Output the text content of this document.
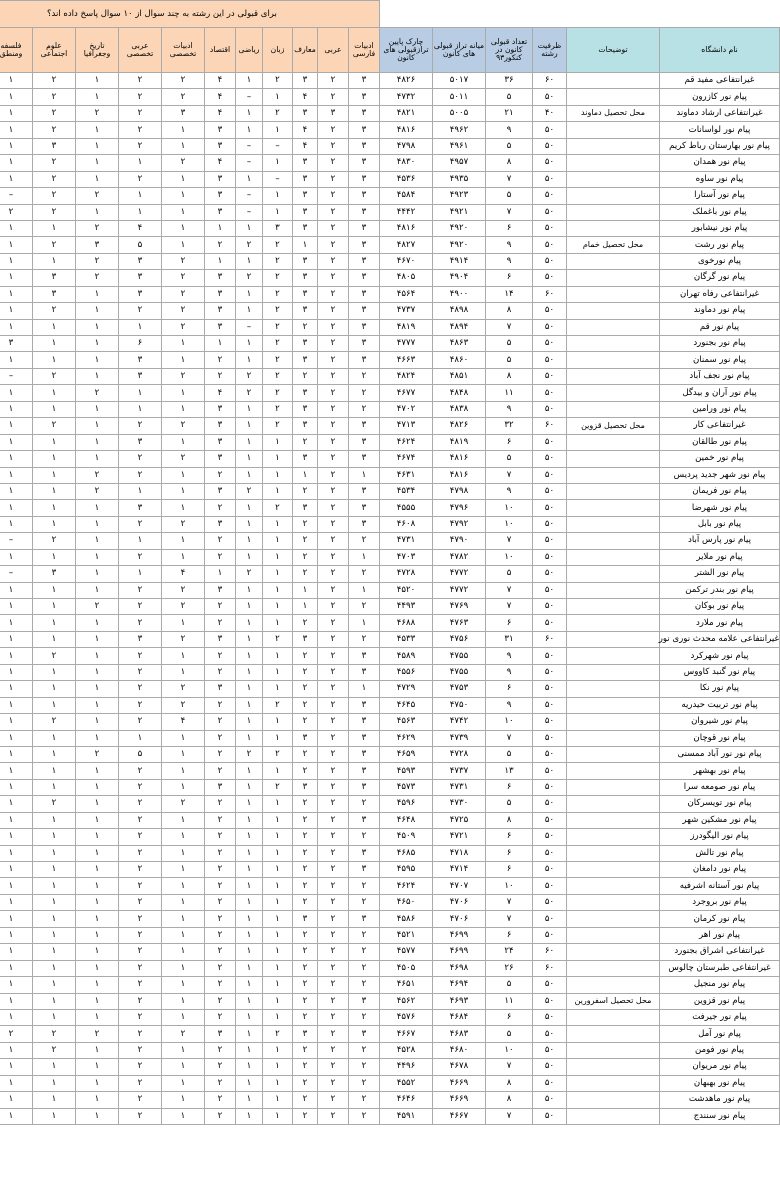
						برای قبولی در این رشته به چند سوال از ۱۰ سوال پاسخ داده اند؟											
نام دانشگاه	توضیحات	ظرفیت رشته	تعداد قبولی کانون در کنکور۹۳	میانه تراز قبولی های کانون	چارک پایین ترازقبولی های کانون	ادبیات فارسی	عربی	معارف	زبان	ریاضی	اقتصاد	ادبیات تخصصی	عربی تخصصی	تاریخ وجغرافیا	علوم اجتماعی	فلسفه ومنطق	
غیرانتفاعی مفید قم		۶۰	۳۶	۵۰۱۷	۴۸۲۶	۳	۲	۳	۲	۱	۴	۲	۲	۱	۲	۱	
پیام نور کازرون		۵۰	۵	۵۰۱۱	۴۷۳۲	۳	۲	۴	۱	–	۴	۲	۲	۱	۲	۱	
غیرانتفاعی ارشاد دماوند	محل تحصیل دماوند	۴۰	۲۱	۵۰۰۵	۴۸۲۱	۳	۳	۳	۲	۱	۴	۳	۲	۲	۲	۱	
پیام نور لواسانات		۵۰	۹	۴۹۶۲	۴۸۱۶	۳	۲	۴	۱	۱	۳	۱	۲	۱	۲	۱	
پیام نور بهارستان رباط کریم		۵۰	۵	۴۹۶۱	۴۷۹۸	۳	۲	۴	–	–	۳	۱	۲	۱	۳	۱	
پیام نور همدان		۵۰	۸	۴۹۵۷	۴۸۳۰	۳	۲	۳	۱	–	۴	۲	۱	۱	۲	۱	
پیام نور ساوه		۵۰	۷	۴۹۳۵	۴۵۳۶	۳	۲	۳	–	۱	۳	۱	۲	۱	۲	۱	
پیام نور آستارا		۵۰	۵	۴۹۲۳	۴۵۸۴	۳	۲	۳	۱	–	۳	۱	۱	۲	۲	–	
پیام نور باغملک		۵۰	۷	۴۹۲۱	۴۴۴۲	۳	۲	۳	۱	–	۳	۱	۱	۱	۲	۲	
پیام نور نیشابور		۵۰	۶	۴۹۲۰	۴۸۱۶	۳	۲	۳	۳	۱	۱	۱	۴	۲	۱	۱	
پیام نور رشت	محل تحصیل خمام	۵۰	۹	۴۹۲۰	۴۸۲۷	۳	۲	۱	۲	۲	۲	۱	۵	۳	۲	۱	
پیام نورخوی		۵۰	۹	۴۹۱۴	۴۶۷۰	۳	۲	۳	۲	۱	۱	۲	۳	۲	۱	۱	
پیام نور گرگان		۵۰	۶	۴۹۰۴	۴۸۰۵	۳	۲	۳	۲	۲	۳	۲	۳	۲	۳	۱	
غیرانتفاعی رفاه تهران		۶۰	۱۴	۴۹۰۰	۴۵۶۴	۳	۲	۳	۲	۱	۳	۲	۳	۱	۳	۱	
پیام نور دماوند		۵۰	۸	۴۸۹۸	۴۷۳۷	۳	۲	۳	۲	۱	۳	۲	۲	۱	۲	۱	
پیام نور قم		۵۰	۷	۴۸۹۴	۴۸۱۹	۳	۲	۲	۲	–	۳	۲	۱	۱	۱	۱	
پیام نور بجنورد		۵۰	۵	۴۸۶۳	۴۷۷۷	۳	۲	۳	۲	۱	۱	۱	۶	۱	۱	۳	
پیام نور سمنان		۵۰	۵	۴۸۶۰	۴۶۶۳	۳	۲	۳	۲	۱	۲	۱	۳	۱	۱	۱	
پیام نور نجف آباد		۵۰	۸	۴۸۵۱	۴۸۲۴	۲	۲	۲	۲	۲	۲	۲	۳	۱	۲	–	
پیام نور آران و بیدگل		۵۰	۱۱	۴۸۴۸	۴۶۷۷	۲	۲	۳	۲	۲	۴	۱	۱	۲	۱	۱	
پیام نور ورامین		۵۰	۹	۴۸۳۸	۴۷۰۲	۲	۲	۳	۲	۱	۳	۱	۱	۱	۱	۱	
غیرانتفاعی کار	محل تحصیل قزوین	۶۰	۳۲	۴۸۲۶	۴۷۱۳	۳	۲	۳	۲	۱	۳	۲	۲	۱	۲	۱	
پیام نور طالقان		۵۰	۶	۴۸۱۹	۴۶۲۴	۳	۲	۲	۱	۱	۳	۱	۳	۱	۱	۱	
پیام نور خمین		۵۰	۵	۴۸۱۶	۴۶۷۴	۳	۲	۳	۱	۱	۳	۲	۲	۱	۱	۱	
پیام نور شهر جدید پردیس		۵۰	۷	۴۸۱۶	۴۶۳۱	۱	۲	۱	۱	۱	۲	۱	۲	۲	۱	۱	
پیام نور فریمان		۵۰	۹	۴۷۹۸	۴۵۳۴	۳	۲	۲	۱	۲	۳	۱	۱	۲	۱	۱	
پیام نور شهرضا		۵۰	۱۰	۴۷۹۶	۴۵۵۵	۳	۲	۳	۲	۱	۲	۱	۳	۱	۱	۱	
پیام نور بابل		۵۰	۱۰	۴۷۹۲	۴۶۰۸	۳	۲	۲	۱	۱	۳	۲	۲	۱	۱	۱	
پیام نور پارس آباد		۵۰	۷	۴۷۹۰	۴۷۳۱	۲	۲	۲	۱	۱	۲	۱	۱	۱	۲	–	
پیام نور ملایر		۵۰	۱۰	۴۷۸۲	۴۷۰۳	۱	۲	۲	۱	۱	۲	۱	۲	۱	۱	۱	
پیام نور الشتر		۵۰	۵	۴۷۷۲	۴۷۲۸	۲	۲	۲	۱	۲	۱	۴	۱	۱	۳	–	
پیام نور بندر ترکمن		۵۰	۷	۴۷۷۲	۴۵۲۰	۱	۲	۱	۱	۱	۳	۲	۲	۱	۱	۱	
پیام نور بوکان		۵۰	۷	۴۷۶۹	۴۴۹۳	۲	۲	۱	۱	۱	۲	۲	۲	۲	۱	۱	
پیام نور ملارد		۵۰	۶	۴۷۶۳	۴۶۸۸	۱	۲	۲	۱	۱	۲	۱	۲	۱	۱	۱	
غیرانتفاعی علامه محدث نوری نور		۶۰	۳۱	۴۷۵۶	۴۵۳۳	۲	۲	۳	۲	۱	۳	۲	۳	۱	۱	۱	
پیام نور شهرکرد		۵۰	۹	۴۷۵۵	۴۵۸۹	۳	۲	۲	۱	۱	۲	۱	۲	۱	۲	۱	
پیام نور گنبد کاووس		۵۰	۹	۴۷۵۵	۴۵۵۶	۳	۲	۲	۱	۱	۲	۱	۲	۱	۱	۱	
پیام نور نکا		۵۰	۶	۴۷۵۳	۴۷۲۹	۱	۲	۲	۱	۱	۳	۲	۲	۱	۱	۱	
پیام نور تربیت حیدریه		۵۰	۹	۴۷۵۰	۴۶۴۵	۳	۲	۲	۲	۱	۲	۲	۲	۱	۱	۱	
پیام نور شیروان		۵۰	۱۰	۴۷۴۲	۴۵۶۳	۳	۲	۲	۱	۱	۲	۴	۲	۱	۲	۱	
پیام نور قوچان		۵۰	۷	۴۷۳۹	۴۶۲۹	۳	۲	۳	۱	۱	۲	۱	۱	۱	۱	۱	
پیام نور نور آباد ممسنی		۵۰	۵	۴۷۲۸	۴۶۵۹	۳	۲	۲	۲	۲	۲	۱	۵	۲	۱	۱	
پیام نور بهشهر		۵۰	۱۳	۴۷۳۷	۴۵۹۳	۳	۲	۲	۱	۱	۲	۱	۲	۱	۱	۱	
پیام نور صومعه سرا		۵۰	۶	۴۷۳۱	۴۵۷۳	۳	۲	۳	۲	۱	۳	۱	۲	۱	۱	۱	
پیام نور تویسرکان		۵۰	۵	۴۷۳۰	۴۵۹۶	۲	۲	۲	۱	۱	۲	۲	۲	۱	۲	۱	
پیام نور مشکین شهر		۵۰	۸	۴۷۲۵	۴۶۴۸	۳	۲	۲	۱	۱	۲	۱	۲	۱	۱	۱	
پیام نور الیگودرز		۵۰	۶	۴۷۲۱	۴۵۰۹	۲	۲	۲	۱	۱	۲	۱	۲	۱	۱	۱	
پیام نور تالش		۵۰	۶	۴۷۱۸	۴۶۸۵	۳	۲	۲	۱	۱	۲	۱	۲	۱	۱	۱	
پیام نور دامغان		۵۰	۶	۴۷۱۴	۴۵۹۵	۳	۲	۲	۱	۱	۲	۱	۲	۱	۱	۱	
پیام نور آستانه اشرفیه		۵۰	۱۰	۴۷۰۷	۴۶۲۴	۲	۲	۲	۱	۱	۲	۱	۲	۱	۱	۱	
پیام نور بروجرد		۵۰	۷	۴۷۰۶	۴۶۵۰	۲	۲	۲	۱	۱	۲	۱	۲	۱	۱	۱	
پیام نور کرمان		۵۰	۷	۴۷۰۶	۴۵۸۶	۳	۲	۳	۱	۱	۲	۱	۲	۱	۱	۱	
پیام نور اهر		۵۰	۶	۴۶۹۹	۴۵۲۱	۲	۲	۲	۱	۱	۲	۱	۲	۱	۱	۱	
غیرانتفاعی اشراق بجنورد		۶۰	۲۴	۴۶۹۹	۴۵۷۷	۲	۲	۲	۱	۱	۲	۱	۲	۱	۱	۱	
غیرانتفاعی طبرستان چالوس		۶۰	۲۶	۴۶۹۸	۴۵۰۵	۲	۲	۲	۱	۱	۲	۱	۲	۱	۱	۱	
پیام نور منجیل		۵۰	۵	۴۶۹۴	۴۶۵۱	۲	۲	۲	۱	۱	۲	۱	۲	۱	۱	۱	
پیام نور قزوین	محل تحصیل اسفرورین	۵۰	۱۱	۴۶۹۳	۴۵۶۲	۳	۲	۲	۱	۱	۲	۱	۲	۱	۱	۱	
پیام نور جیرفت		۵۰	۶	۴۶۸۴	۴۵۷۶	۲	۲	۲	۱	۱	۲	۱	۲	۱	۱	۱	
پیام نور آمل		۵۰	۵	۴۶۸۳	۴۶۶۷	۳	۲	۳	۲	۱	۳	۲	۲	۲	۲	۲	
پیام نور فومن		۵۰	۱۰	۴۶۸۰	۴۵۲۸	۲	۲	۲	۱	۱	۲	۱	۲	۱	۲	۱	
پیام نور مریوان		۵۰	۷	۴۶۷۸	۴۴۹۶	۲	۲	۲	۱	۱	۲	۱	۲	۱	۱	۱	
پیام نور بهبهان		۵۰	۸	۴۶۶۹	۴۵۵۲	۲	۲	۲	۱	۱	۲	۱	۲	۱	۱	۱	
پیام نور ماهدشت		۵۰	۸	۴۶۶۹	۴۶۴۶	۲	۲	۲	۱	۱	۲	۱	۲	۱	۱	۱	
پیام نور سنندج		۵۰	۷	۴۶۶۷	۴۵۹۱	۲	۲	۲	۱	۱	۲	۱	۲	۱	۱	۱	
